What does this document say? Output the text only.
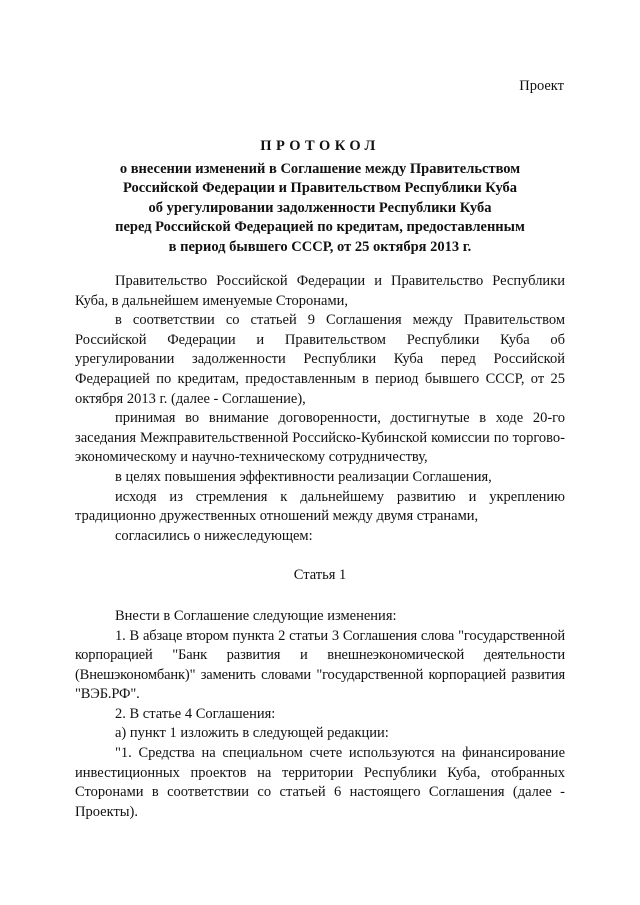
Проект
ПРОТОКОЛ
о внесении изменений в Соглашение между Правительством
Российской Федерации и Правительством Республики Куба
об урегулировании задолженности Республики Куба
перед Российской Федерацией по кредитам, предоставленным
в период бывшего СССР, от 25 октября 2013 г.

Правительство Российской Федерации и Правительство Республики Куба, в дальнейшем именуемые Сторонами,

в соответствии со статьей 9 Соглашения между Правительством Российской Федерации и Правительством Республики Куба об урегулировании задолженности Республики Куба перед Российской Федерацией по кредитам, предоставленным в период бывшего СССР, от 25 октября 2013 г. (далее - Соглашение),

принимая во внимание договоренности, достигнутые в ходе 20-го заседания Межправительственной Российско-Кубинской комиссии по торгово-экономическому и научно-техническому сотрудничеству,

в целях повышения эффективности реализации Соглашения,

исходя из стремления к дальнейшему развитию и укреплению традиционно дружественных отношений между двумя странами,

согласились о нижеследующем:

Статья 1

Внести в Соглашение следующие изменения:

1. В абзаце втором пункта 2 статьи 3 Соглашения слова "государственной корпорацией "Банк развития и внешнеэкономической деятельности (Внешэкономбанк)" заменить словами "государственной корпорацией развития "ВЭБ.РФ".

2. В статье 4 Соглашения:

а) пункт 1 изложить в следующей редакции:

"1. Средства на специальном счете используются на финансирование инвестиционных проектов на территории Республики Куба, отобранных Сторонами в соответствии со статьей 6 настоящего Соглашения (далее - Проекты).
